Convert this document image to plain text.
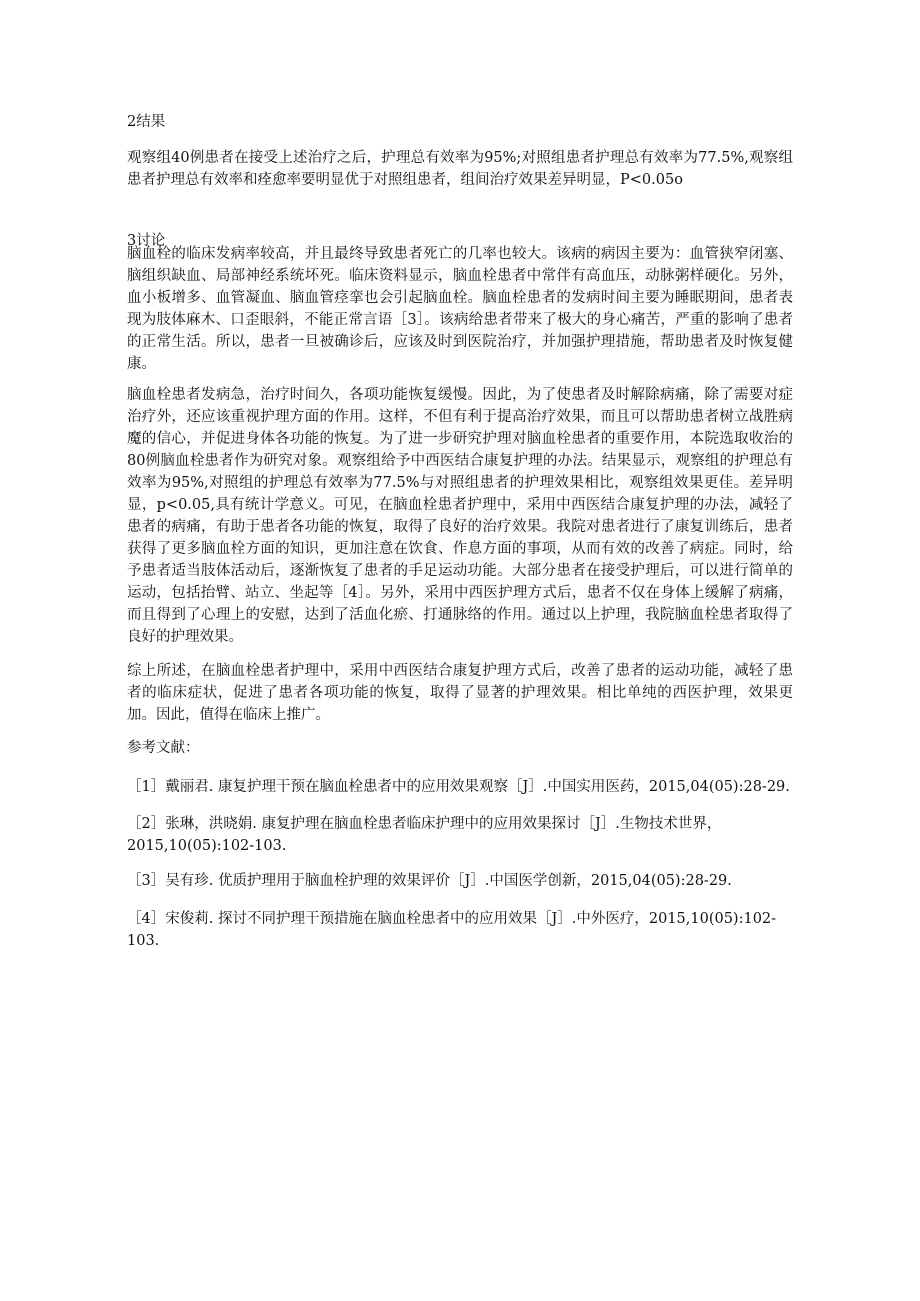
2结果

观察组40例患者在接受上述治疗之后，护理总有效率为95%;对照组患者护理总有效率为77.5%,观察组患者护理总有效率和痊愈率要明显优于对照组患者，组间治疗效果差异明显，P<0.05o

3讨论

脑血栓的临床发病率较高，并且最终导致患者死亡的几率也较大。该病的病因主要为：血管狭窄闭塞、脑组织缺血、局部神经系统坏死。临床资料显示，脑血栓患者中常伴有高血压，动脉粥样硬化。另外，血小板增多、血管凝血、脑血管痉挛也会引起脑血栓。脑血栓患者的发病时间主要为睡眠期间，患者表现为肢体麻木、口歪眼斜，不能正常言语［3］。该病给患者带来了极大的身心痛苦，严重的影响了患者的正常生活。所以，患者一旦被确诊后，应该及时到医院治疗，并加强护理措施，帮助患者及时恢复健康。

脑血栓患者发病急，治疗时间久，各项功能恢复缓慢。因此，为了使患者及时解除病痛，除了需要对症治疗外，还应该重视护理方面的作用。这样，不但有利于提高治疗效果，而且可以帮助患者树立战胜病魔的信心，并促进身体各功能的恢复。为了进一步研究护理对脑血栓患者的重要作用，本院选取收治的80例脑血栓患者作为研究对象。观察组给予中西医结合康复护理的办法。结果显示，观察组的护理总有效率为95%,对照组的护理总有效率为77.5%与对照组患者的护理效果相比，观察组效果更佳。差异明显，p<0.05,具有统计学意义。可见，在脑血栓患者护理中，采用中西医结合康复护理的办法，减轻了患者的病痛，有助于患者各功能的恢复，取得了良好的治疗效果。我院对患者进行了康复训练后，患者获得了更多脑血栓方面的知识，更加注意在饮食、作息方面的事项，从而有效的改善了病症。同时，给予患者适当肢体活动后，逐渐恢复了患者的手足运动功能。大部分患者在接受护理后，可以进行简单的运动，包括抬臂、站立、坐起等［4］。另外，采用中西医护理方式后，患者不仅在身体上缓解了病痛，而且得到了心理上的安慰，达到了活血化瘀、打通脉络的作用。通过以上护理，我院脑血栓患者取得了良好的护理效果。

综上所述，在脑血栓患者护理中，采用中西医结合康复护理方式后，改善了患者的运动功能，减轻了患者的临床症状，促进了患者各项功能的恢复，取得了显著的护理效果。相比单纯的西医护理，效果更加。因此，值得在临床上推广。

参考文献：

［1］戴丽君. 康复护理干预在脑血栓患者中的应用效果观察［J］.中国实用医药，2015,04(05):28-29.

［2］张琳，洪晓娟. 康复护理在脑血栓患者临床护理中的应用效果探讨［J］.生物技术世界，2015,10(05):102-103.

［3］吴有珍. 优质护理用于脑血栓护理的效果评价［J］.中国医学创新，2015,04(05):28-29.

［4］宋俊莉. 探讨不同护理干预措施在脑血栓患者中的应用效果［J］.中外医疗，2015,10(05):102-103.
